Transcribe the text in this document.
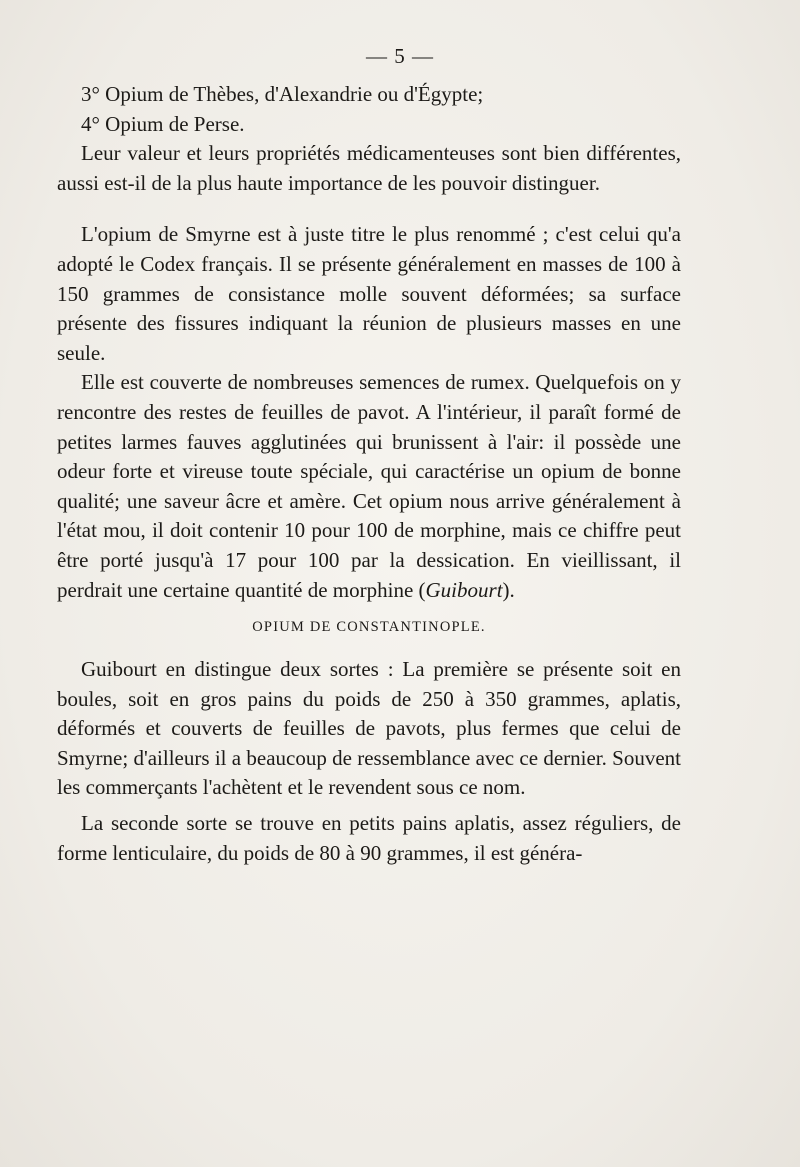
— 5 —

3° Opium de Thèbes, d'Alexandrie ou d'Égypte;

4° Opium de Perse.

Leur valeur et leurs propriétés médicamenteuses sont bien différentes, aussi est-il de la plus haute importance de les pouvoir distinguer.

L'opium de Smyrne est à juste titre le plus renommé ; c'est celui qu'a adopté le Codex français. Il se présente généralement en masses de 100 à 150 grammes de consistance molle souvent déformées; sa surface présente des fissures indiquant la réunion de plusieurs masses en une seule.

Elle est couverte de nombreuses semences de rumex. Quelquefois on y rencontre des restes de feuilles de pavot. A l'intérieur, il paraît formé de petites larmes fauves agglutinées qui brunissent à l'air: il possède une odeur forte et vireuse toute spéciale, qui caractérise un opium de bonne qualité; une saveur âcre et amère. Cet opium nous arrive généralement à l'état mou, il doit contenir 10 pour 100 de morphine, mais ce chiffre peut être porté jusqu'à 17 pour 100 par la dessication. En vieillissant, il perdrait une certaine quantité de morphine (Guibourt).

OPIUM DE CONSTANTINOPLE.

Guibourt en distingue deux sortes : La première se présente soit en boules, soit en gros pains du poids de 250 à 350 grammes, aplatis, déformés et couverts de feuilles de pavots, plus fermes que celui de Smyrne; d'ailleurs il a beaucoup de ressemblance avec ce dernier. Souvent les commerçants l'achètent et le revendent sous ce nom.

La seconde sorte se trouve en petits pains aplatis, assez réguliers, de forme lenticulaire, du poids de 80 à 90 grammes, il est généra-
